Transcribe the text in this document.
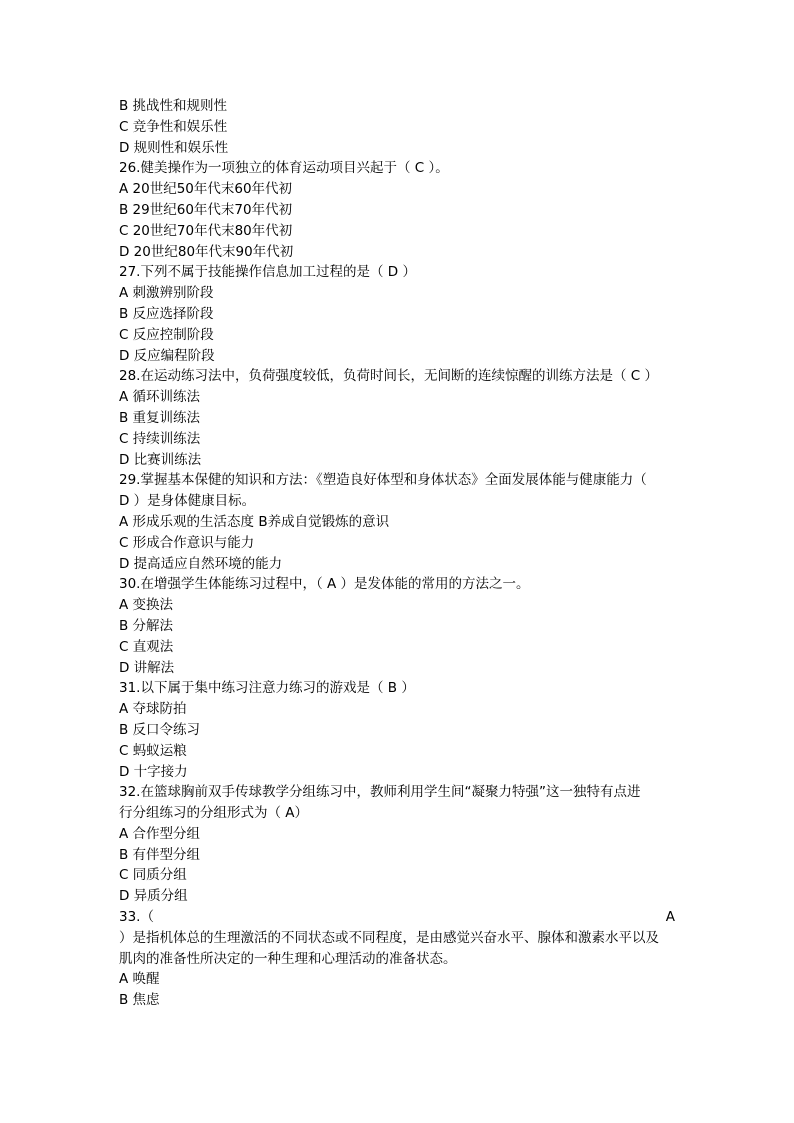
B 挑战性和规则性
C 竞争性和娱乐性
D 规则性和娱乐性
26.健美操作为一项独立的体育运动项目兴起于（ C ）。
A 20世纪50年代末60年代初
B 29世纪60年代末70年代初
C 20世纪70年代末80年代初
D 20世纪80年代末90年代初
27.下列不属于技能操作信息加工过程的是（ D ）
A 刺激辨别阶段
B 反应选择阶段
C 反应控制阶段
D 反应编程阶段
28.在运动练习法中，负荷强度较低，负荷时间长，无间断的连续惊醒的训练方法是（ C ）
A 循环训练法
B 重复训练法
C 持续训练法
D 比赛训练法
29.掌握基本保健的知识和方法：《塑造良好体型和身体状态》全面发展体能与健康能力（
D ）是身体健康目标。
A 形成乐观的生活态度 B养成自觉锻炼的意识
C 形成合作意识与能力
D 提高适应自然环境的能力
30.在增强学生体能练习过程中，（ A ）是发体能的常用的方法之一。
A 变换法
B 分解法
C 直观法
D 讲解法
31.以下属于集中练习注意力练习的游戏是（ B ）
A 夺球防拍
B 反口令练习
C 蚂蚁运粮
D 十字接力
32.在篮球胸前双手传球教学分组练习中，教师利用学生间“凝聚力特强”这一独特有点进
行分组练习的分组形式为（ A）
A 合作型分组
B 有伴型分组
C 同质分组
D 异质分组
33.（	A
）是指机体总的生理激活的不同状态或不同程度，是由感觉兴奋水平、腺体和激素水平以及
肌肉的准备性所决定的一种生理和心理活动的准备状态。
A 唤醒
B 焦虑
